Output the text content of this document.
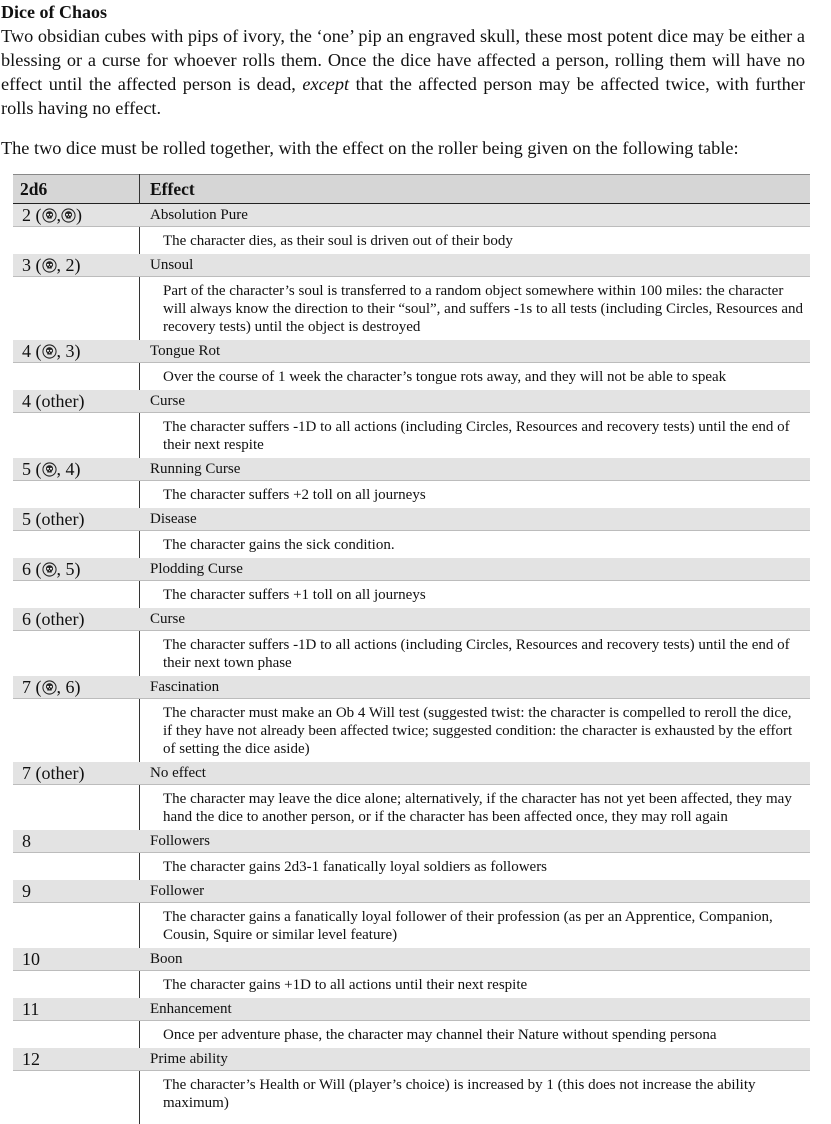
Dice of Chaos
Two obsidian cubes with pips of ivory, the ‘one’ pip an engraved skull, these most potent dice may be either a blessing or a curse for whoever rolls them. Once the dice have affected a person, rolling them will have no effect until the affected person is dead, except that the affected person may be affected twice, with further rolls having no effect.
The two dice must be rolled together, with the effect on the roller being given on the following table:
2d6	Effect
2 ( , )	Absolution Pure
The character dies, as their soul is driven out of their body
3 ( , 2)	Unsoul
Part of the character’s soul is transferred to a random object somewhere within 100 miles: the character will always know the direction to their “soul”, and suffers -1s to all tests (including Circles, Resources and recovery tests) until the object is destroyed
4 ( , 3)	Tongue Rot
Over the course of 1 week the character’s tongue rots away, and they will not be able to speak
4 (other)	Curse
The character suffers -1D to all actions (including Circles, Resources and recovery tests) until the end of their next respite
5 ( , 4)	Running Curse
The character suffers +2 toll on all journeys
5 (other)	Disease
The character gains the sick condition.
6 ( , 5)	Plodding Curse
The character suffers +1 toll on all journeys
6 (other)	Curse
The character suffers -1D to all actions (including Circles, Resources and recovery tests) until the end of their next town phase
7 ( , 6)	Fascination
The character must make an Ob 4 Will test (suggested twist: the character is compelled to reroll the dice, if they have not already been affected twice; suggested condition: the character is exhausted by the effort of setting the dice aside)
7 (other)	No effect
The character may leave the dice alone; alternatively, if the character has not yet been affected, they may hand the dice to another person, or if the character has been affected once, they may roll again
8	Followers
The character gains 2d3-1 fanatically loyal soldiers as followers
9	Follower
The character gains a fanatically loyal follower of their profession (as per an Apprentice, Companion, Cousin, Squire or similar level feature)
10	Boon
The character gains +1D to all actions until their next respite
11	Enhancement
Once per adventure phase, the character may channel their Nature without spending persona
12	Prime ability
The character’s Health or Will (player’s choice) is increased by 1 (this does not increase the ability maximum)
